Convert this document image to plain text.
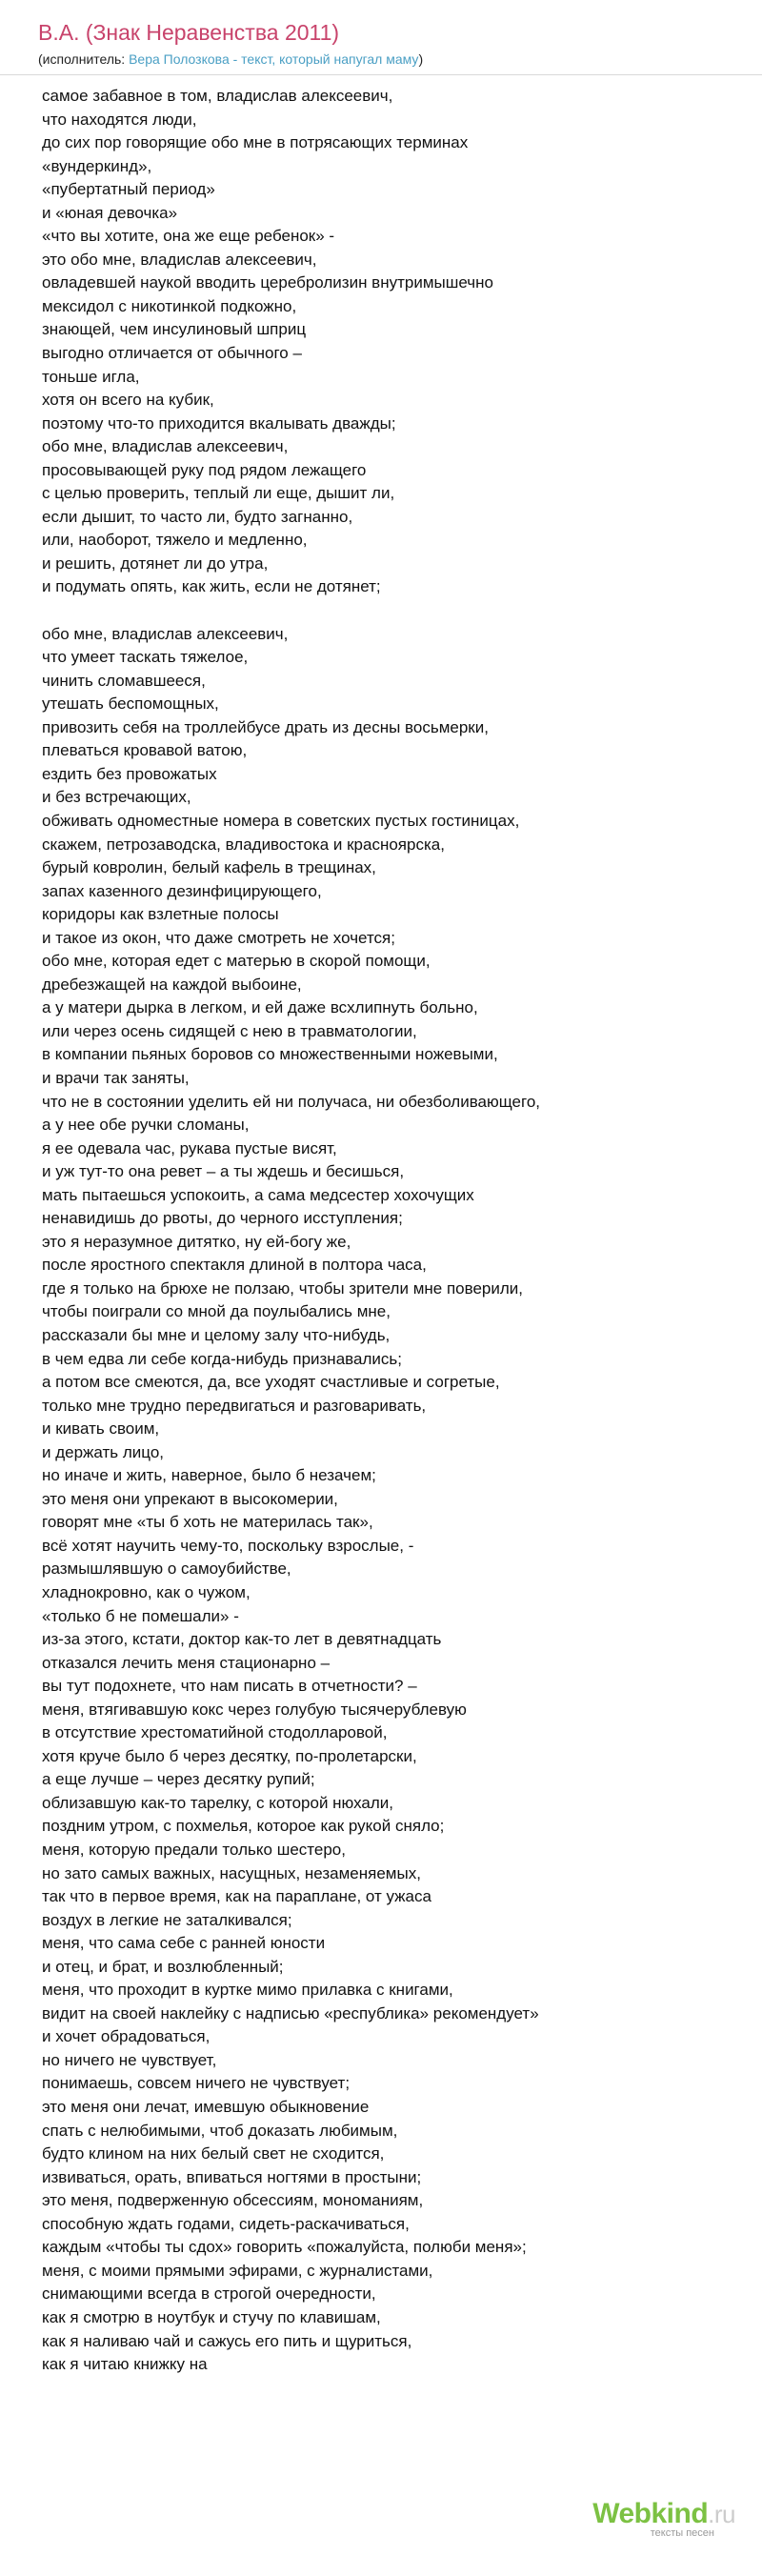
В.А. (Знак Неравенства 2011)
(исполнитель: Вера Полозкова - текст, который напугал маму)
самое забавное в том, владислав алексеевич,
что находятся люди,
до сих пор говорящие обо мне в потрясающих терминах
«вундеркинд»,
«пубертатный период»
и «юная девочка»
«что вы хотите, она же еще ребенок» -
это обо мне, владислав алексеевич,
овладевшей наукой вводить церебролизин внутримышечно
мексидол с никотинкой подкожно,
знающей, чем инсулиновый шприц
выгодно отличается от обычного –
тоньше игла,
хотя он всего на кубик,
поэтому что-то приходится вкалывать дважды;
обо мне, владислав алексеевич,
просовывающей руку под рядом лежащего
с целью проверить, теплый ли еще, дышит ли,
если дышит, то часто ли, будто загнанно,
или, наоборот, тяжело и медленно,
и решить, дотянет ли до утра,
и подумать опять, как жить, если не дотянет;
обо мне, владислав алексеевич,
что умеет таскать тяжелое,
чинить сломавшееся,
утешать беспомощных,
привозить себя на троллейбусе драть из десны восьмерки,
плеваться кровавой ватою,
ездить без провожатых
и без встречающих,
обживать одноместные номера в советских пустых гостиницах,
скажем, петрозаводска, владивостока и красноярска,
бурый ковролин, белый кафель в трещинах,
запах казенного дезинфицирующего,
коридоры как взлетные полосы
и такое из окон, что даже смотреть не хочется;
обо мне, которая едет с матерью в скорой помощи,
дребезжащей на каждой выбоине,
а у матери дырка в легком, и ей даже всхлипнуть больно,
или через осень сидящей с нею в травматологии,
в компании пьяных боровов со множественными ножевыми,
и врачи так заняты,
что не в состоянии уделить ей ни получаса, ни обезболивающего,
а у нее обе ручки сломаны,
я ее одевала час, рукава пустые висят,
и уж тут-то она ревет – а ты ждешь и бесишься,
мать пытаешься успокоить, а сама медсестер хохочущих
ненавидишь до рвоты, до черного исступления;
это я неразумное дитятко, ну ей-богу же,
после яростного спектакля длиной в полтора часа,
где я только на брюхе не ползаю, чтобы зрители мне поверили,
чтобы поиграли со мной да поулыбались мне,
рассказали бы мне и целому залу что-нибудь,
в чем едва ли себе когда-нибудь признавались;
а потом все смеются, да, все уходят счастливые и согретые,
только мне трудно передвигаться и разговаривать,
и кивать своим,
и держать лицо,
но иначе и жить, наверное, было б незачем;
это меня они упрекают в высокомерии,
говорят мне «ты б хоть не материлась так»,
всё хотят научить чему-то, поскольку взрослые, -
размышлявшую о самоубийстве,
хладнокровно, как о чужом,
«только б не помешали» -
из-за этого, кстати, доктор как-то лет в девятнадцать
отказался лечить меня стационарно –
вы тут подохнете, что нам писать в отчетности? –
меня, втягивавшую кокс через голубую тысячерублевую
в отсутствие хрестоматийной стодолларовой,
хотя круче было б через десятку, по-пролетарски,
а еще лучше – через десятку рупий;
облизавшую как-то тарелку, с которой нюхали,
поздним утром, с похмелья, которое как рукой сняло;
меня, которую предали только шестеро,
но зато самых важных, насущных, незаменяемых,
так что в первое время, как на параплане, от ужаса
воздух в легкие не заталкивался;
меня, что сама себе с ранней юности
и отец, и брат, и возлюбленный;
меня, что проходит в куртке мимо прилавка с книгами,
видит на своей наклейку с надписью «республика» рекомендует»
и хочет обрадоваться,
но ничего не чувствует,
понимаешь, совсем ничего не чувствует;
это меня они лечат, имевшую обыкновение
спать с нелюбимыми, чтоб доказать любимым,
будто клином на них белый свет не сходится,
извиваться, орать, впиваться ногтями в простыни;
это меня, подверженную обсессиям, мономаниям,
способную ждать годами, сидеть-раскачиваться,
каждым «чтобы ты сдох» говорить «пожалуйста, полюби меня»;
меня, с моими прямыми эфирами, с журналистами,
снимающими всегда в строгой очередности,
как я смотрю в ноутбук и стучу по клавишам,
как я наливаю чай и сажусь его пить и щуриться,
как я читаю книжку на
Webkind.ru
тексты песен
